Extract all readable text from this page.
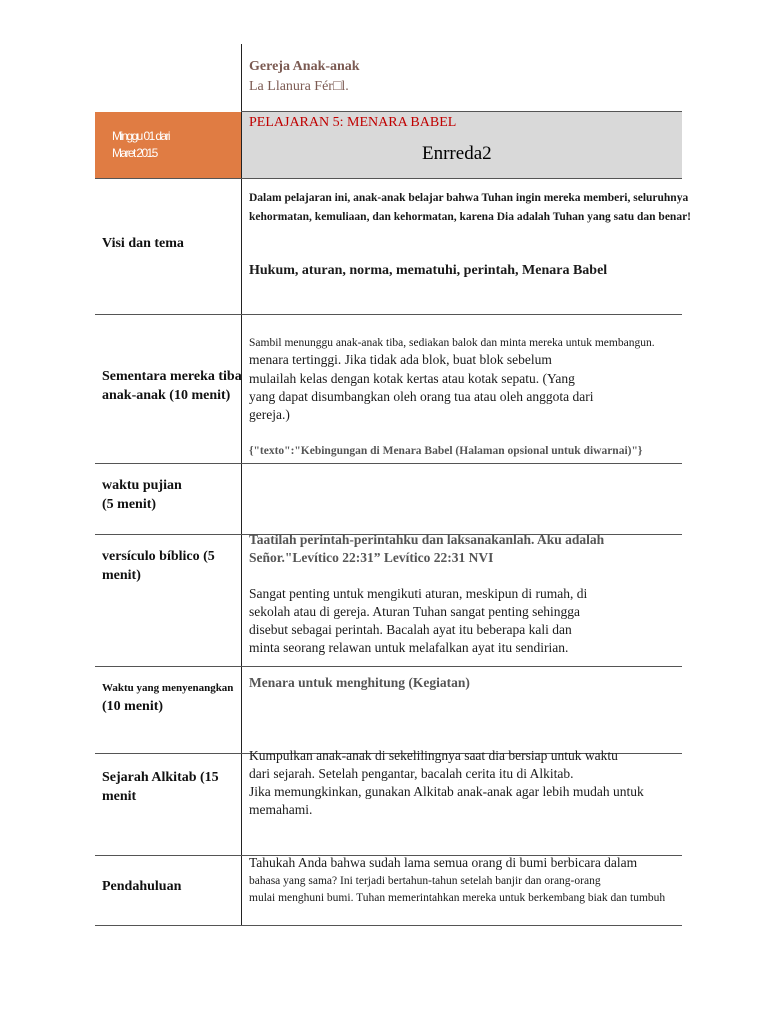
Gereja Anak-anak
La Llanura Fér□l.
Minggu 01 dari Maret 2015
PELAJARAN 5: MENARA BABEL
Enrreda2
Visi dan tema
Dalam pelajaran ini, anak-anak belajar bahwa Tuhan ingin mereka memberi, seluruhnya
kehormatan, kemuliaan, dan kehormatan, karena Dia adalah Tuhan yang satu dan benar!
Hukum, aturan, norma, mematuhi, perintah, Menara Babel
Sementara mereka tiba
anak-anak (10 menit)
Sambil menunggu anak-anak tiba, sediakan balok dan minta mereka untuk membangun.
menara tertinggi. Jika tidak ada blok, buat blok sebelum
mulailah kelas dengan kotak kertas atau kotak sepatu. (Yang
yang dapat disumbangkan oleh orang tua atau oleh anggota dari
gereja.)
{"texto":"Kebingungan di Menara Babel (Halaman opsional untuk diwarnai)"}
waktu pujian
(5 menit)
versículo bíblico (5
menit)
Taatilah perintah-perintahku dan laksanakanlah. Aku adalah
Señor."Levítico 22:31” Levítico 22:31 NVI
Sangat penting untuk mengikuti aturan, meskipun di rumah, di
sekolah atau di gereja. Aturan Tuhan sangat penting sehingga
disebut sebagai perintah. Bacalah ayat itu beberapa kali dan
minta seorang relawan untuk melafalkan ayat itu sendirian.
Waktu yang menyenangkan
(10 menit)
Menara untuk menghitung (Kegiatan)
Sejarah Alkitab (15
menit
Kumpulkan anak-anak di sekelilingnya saat dia bersiap untuk waktu
dari sejarah. Setelah pengantar, bacalah cerita itu di Alkitab.
Jika memungkinkan, gunakan Alkitab anak-anak agar lebih mudah untuk
memahami.
Pendahuluan
Tahukah Anda bahwa sudah lama semua orang di bumi berbicara dalam
bahasa yang sama? Ini terjadi bertahun-tahun setelah banjir dan orang-orang
mulai menghuni bumi. Tuhan memerintahkan mereka untuk berkembang biak dan tumbuh
